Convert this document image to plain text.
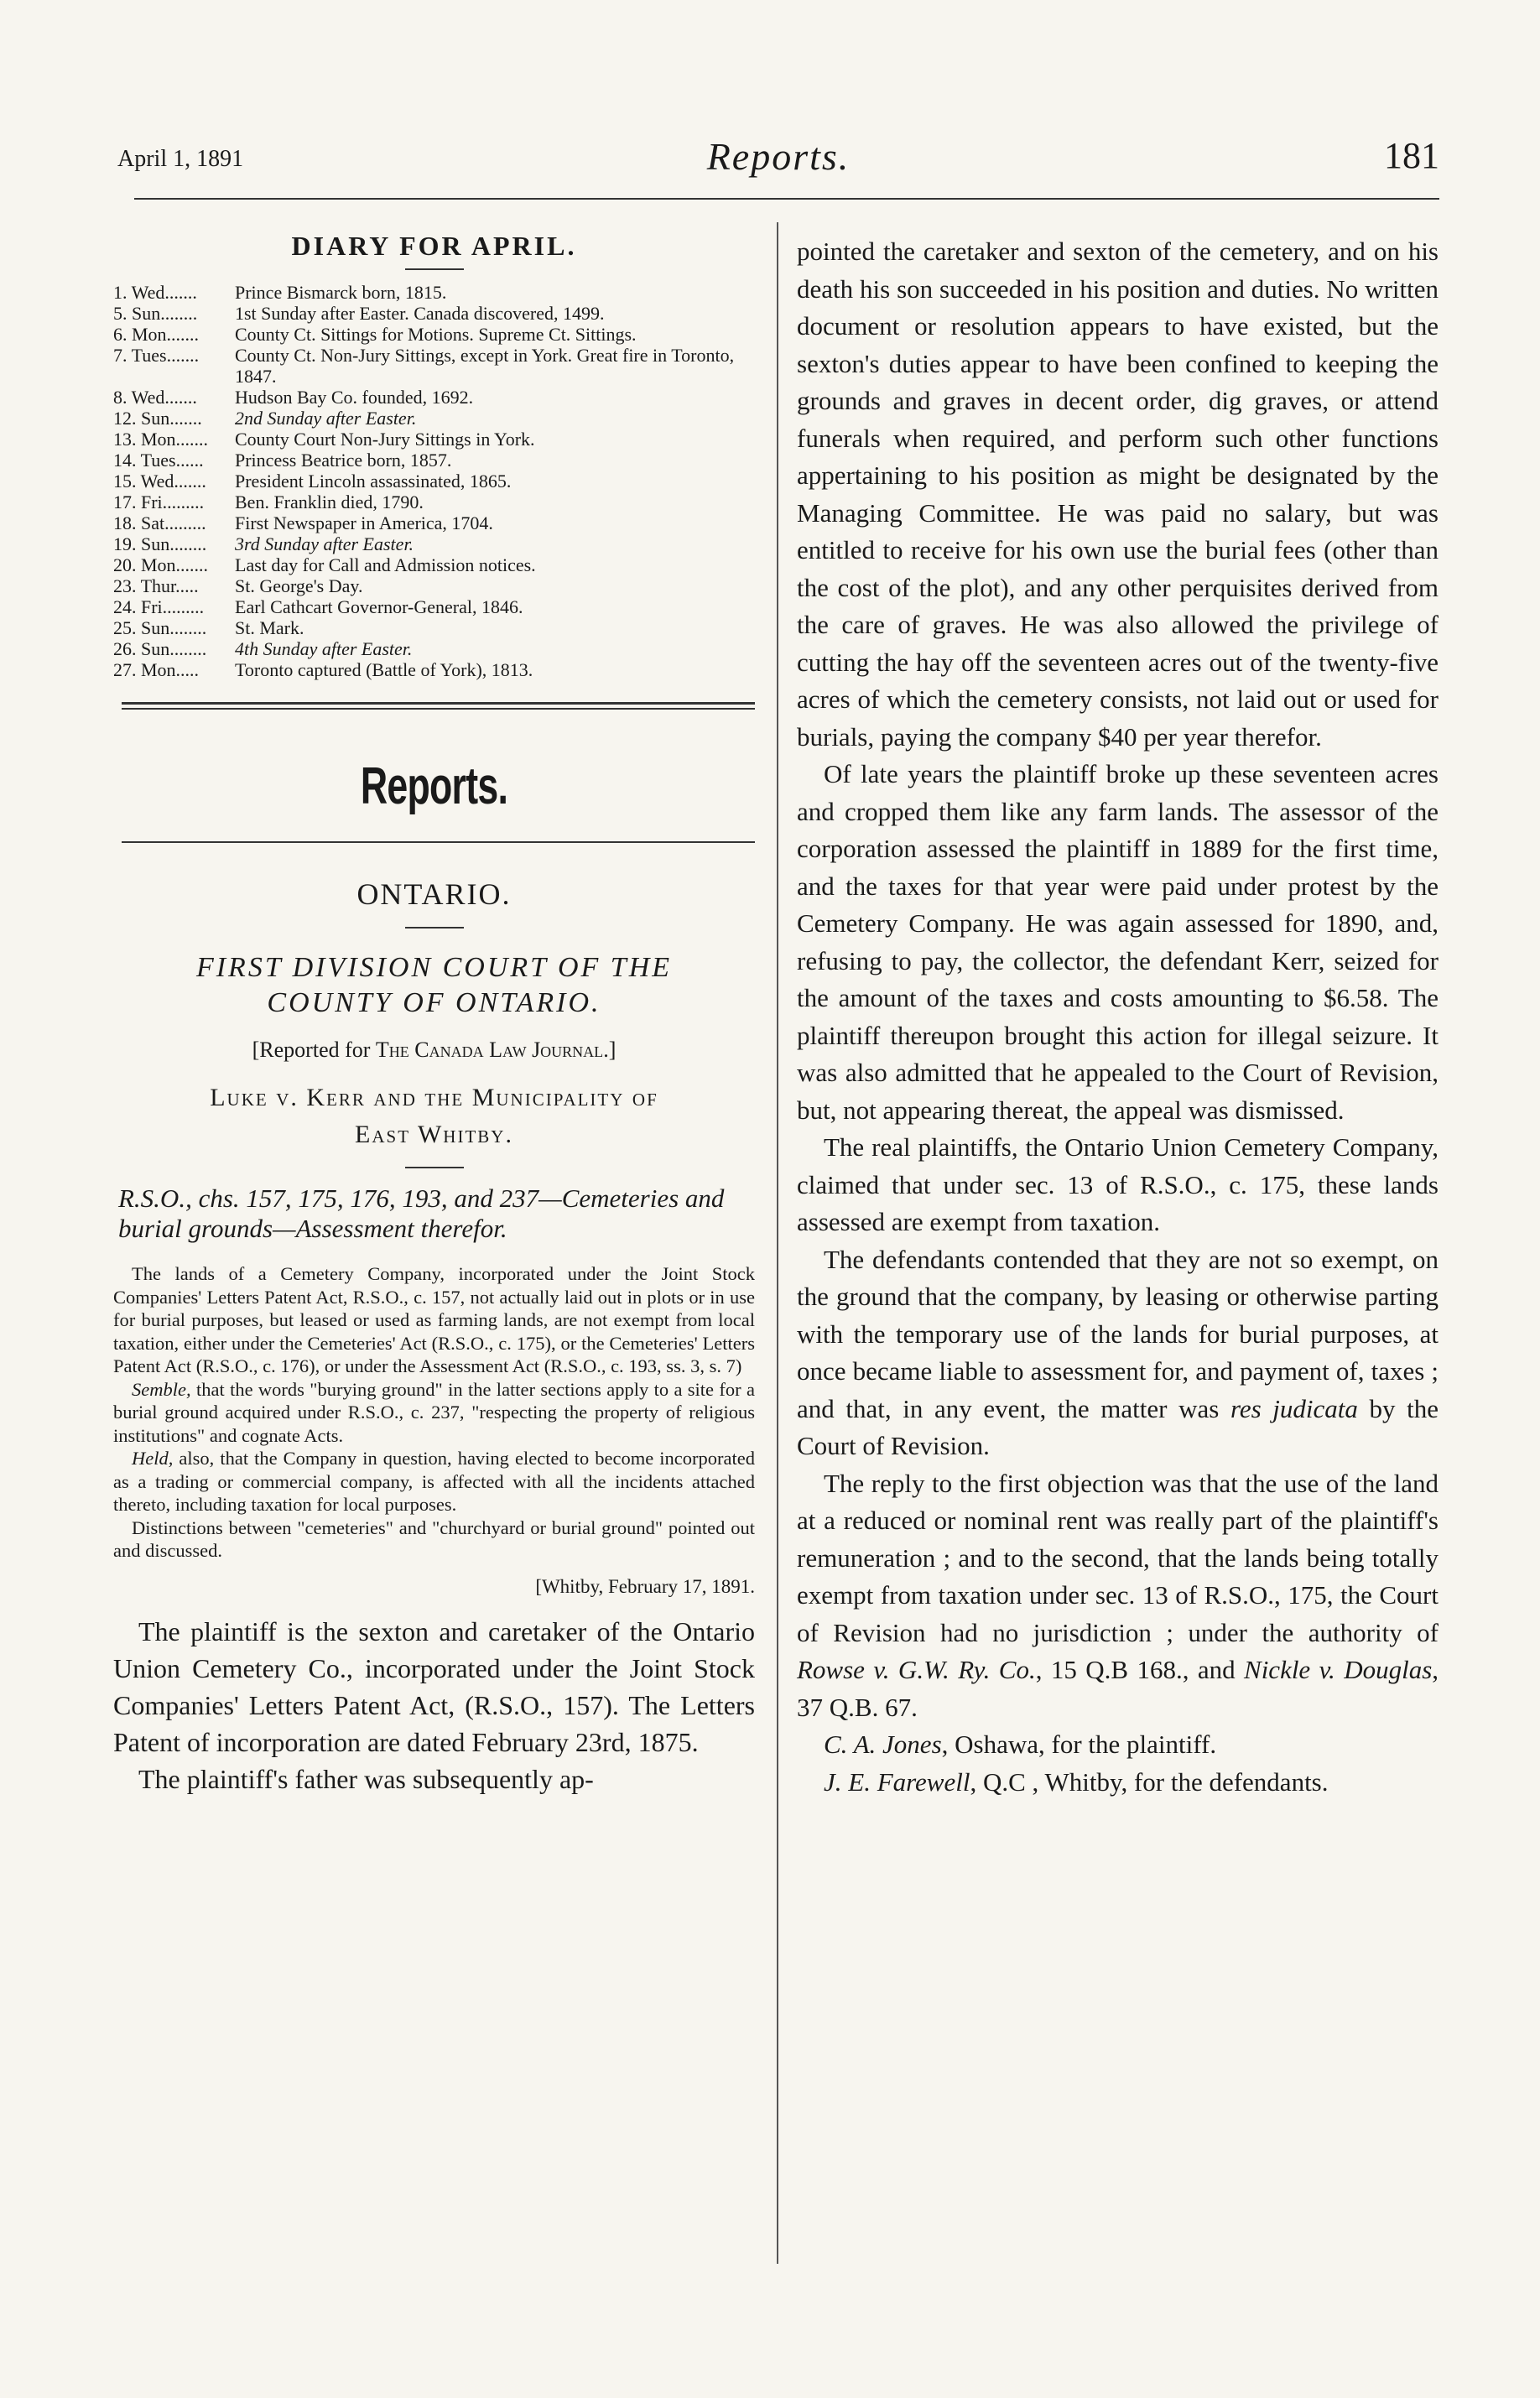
April 1, 1891	Reports.	181
DIARY FOR APRIL.
1. Wed.......	Prince Bismarck born, 1815.
5. Sun........	1st Sunday after Easter. Canada discovered, 1499.
6. Mon.......	County Ct. Sittings for Motions. Supreme Ct. Sittings.
7. Tues.......	County Ct. Non-Jury Sittings, except in York. Great fire in Toronto, 1847.
8. Wed.......	Hudson Bay Co. founded, 1692.
12. Sun.......	2nd Sunday after Easter.
13. Mon.......	County Court Non-Jury Sittings in York.
14. Tues......	Princess Beatrice born, 1857.
15. Wed.......	President Lincoln assassinated, 1865.
17. Fri.........	Ben. Franklin died, 1790.
18. Sat.........	First Newspaper in America, 1704.
19. Sun........	3rd Sunday after Easter.
20. Mon.......	Last day for Call and Admission notices.
23. Thur.....	St. George's Day.
24. Fri.........	Earl Cathcart Governor-General, 1846.
25. Sun........	St. Mark.
26. Sun........	4th Sunday after Easter.
27. Mon.....	Toronto captured (Battle of York), 1813.
Reports.
ONTARIO.
FIRST DIVISION COURT OF THE
COUNTY OF ONTARIO.
[Reported for The Canada Law Journal.]
Luke v. Kerr and the Municipality of
East Whitby.
R.S.O., chs. 157, 175, 176, 193, and 237—Cemeteries and burial grounds—Assessment therefor.

The lands of a Cemetery Company, incorporated under the Joint Stock Companies' Letters Patent Act, R.S.O., c. 157, not actually laid out in plots or in use for burial purposes, but leased or used as farming lands, are not exempt from local taxation, either under the Cemeteries' Act (R.S.O., c. 175), or the Cemeteries' Letters Patent Act (R.S.O., c. 176), or under the Assessment Act (R.S.O., c. 193, ss. 3, s. 7)

Semble, that the words "burying ground" in the latter sections apply to a site for a burial ground acquired under R.S.O., c. 237, "respecting the property of religious institutions" and cognate Acts.

Held, also, that the Company in question, having elected to become incorporated as a trading or commercial company, is affected with all the incidents attached thereto, including taxation for local purposes.

Distinctions between "cemeteries" and "churchyard or burial ground" pointed out and discussed.

[Whitby, February 17, 1891.

The plaintiff is the sexton and caretaker of the Ontario Union Cemetery Co., incorporated under the Joint Stock Companies' Letters Patent Act, (R.S.O., 157). The Letters Patent of incorporation are dated February 23rd, 1875.

The plaintiff's father was subsequently ap-

pointed the caretaker and sexton of the cemetery, and on his death his son succeeded in his position and duties. No written document or resolution appears to have existed, but the sexton's duties appear to have been confined to keeping the grounds and graves in decent order, dig graves, or attend funerals when required, and perform such other functions appertaining to his position as might be designated by the Managing Committee. He was paid no salary, but was entitled to receive for his own use the burial fees (other than the cost of the plot), and any other perquisites derived from the care of graves. He was also allowed the privilege of cutting the hay off the seventeen acres out of the twenty-five acres of which the cemetery consists, not laid out or used for burials, paying the company $40 per year therefor.

Of late years the plaintiff broke up these seventeen acres and cropped them like any farm lands. The assessor of the corporation assessed the plaintiff in 1889 for the first time, and the taxes for that year were paid under protest by the Cemetery Company. He was again assessed for 1890, and, refusing to pay, the collector, the defendant Kerr, seized for the amount of the taxes and costs amounting to $6.58. The plaintiff thereupon brought this action for illegal seizure. It was also admitted that he appealed to the Court of Revision, but, not appearing thereat, the appeal was dismissed.

The real plaintiffs, the Ontario Union Cemetery Company, claimed that under sec. 13 of R.S.O., c. 175, these lands assessed are exempt from taxation.

The defendants contended that they are not so exempt, on the ground that the company, by leasing or otherwise parting with the temporary use of the lands for burial purposes, at once became liable to assessment for, and payment of, taxes ; and that, in any event, the matter was res judicata by the Court of Revision.

The reply to the first objection was that the use of the land at a reduced or nominal rent was really part of the plaintiff's remuneration ; and to the second, that the lands being totally exempt from taxation under sec. 13 of R.S.O., 175, the Court of Revision had no jurisdiction ; under the authority of Rowse v. G.W. Ry. Co., 15 Q.B 168., and Nickle v. Douglas, 37 Q.B. 67.

C. A. Jones, Oshawa, for the plaintiff.

J. E. Farewell, Q.C , Whitby, for the defendants.
